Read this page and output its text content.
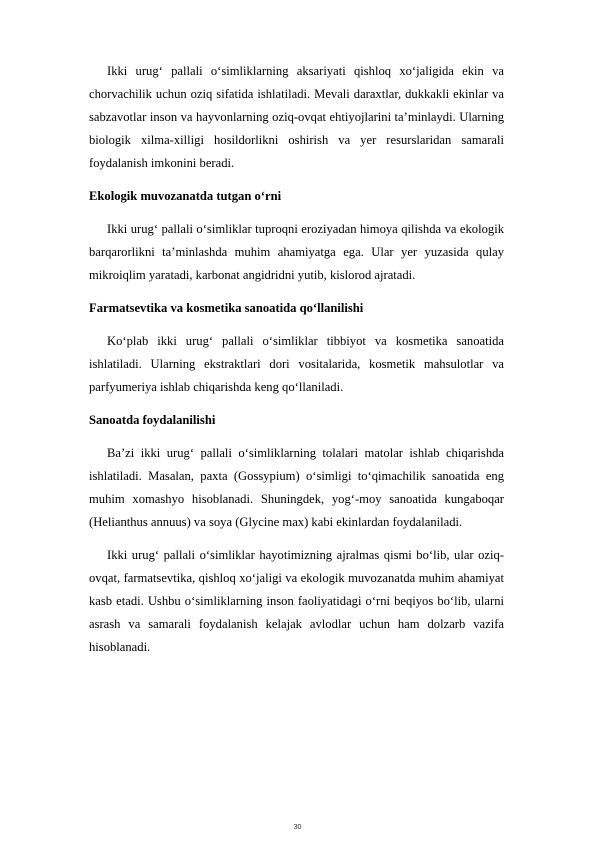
Ikki urug‘ pallali o‘simliklarning aksariyati qishloq xo‘jaligida ekin va chorvachilik uchun oziq sifatida ishlatiladi. Mevali daraxtlar, dukkakli ekinlar va sabzavotlar inson va hayvonlarning oziq-ovqat ehtiyojlarini ta’minlaydi. Ularning biologik xilma-xilligi hosildorlikni oshirish va yer resurslaridan samarali foydalanish imkonini beradi.

Ekologik muvozanatda tutgan o‘rni

Ikki urug‘ pallali o‘simliklar tuproqni eroziyadan himoya qilishda va ekologik barqarorlikni ta’minlashda muhim ahamiyatga ega. Ular yer yuzasida qulay mikroiqlim yaratadi, karbonat angidridni yutib, kislorod ajratadi.

Farmatsevtika va kosmetika sanoatida qo‘llanilishi

Ko‘plab ikki urug‘ pallali o‘simliklar tibbiyot va kosmetika sanoatida ishlatiladi. Ularning ekstraktlari dori vositalarida, kosmetik mahsulotlar va parfyumeriya ishlab chiqarishda keng qo‘llaniladi.

Sanoatda foydalanilishi

Ba’zi ikki urug‘ pallali o‘simliklarning tolalari matolar ishlab chiqarishda ishlatiladi. Masalan, paxta (Gossypium) o‘simligi to‘qimachilik sanoatida eng muhim xomashyo hisoblanadi. Shuningdek, yog‘-moy sanoatida kungaboqar (Helianthus annuus) va soya (Glycine max) kabi ekinlardan foydalaniladi.

Ikki urug‘ pallali o‘simliklar hayotimizning ajralmas qismi bo‘lib, ular oziq-ovqat, farmatsevtika, qishloq xo‘jaligi va ekologik muvozanatda muhim ahamiyat kasb etadi. Ushbu o‘simliklarning inson faoliyatidagi o‘rni beqiyos bo‘lib, ularni asrash va samarali foydalanish kelajak avlodlar uchun ham dolzarb vazifa hisoblanadi.

30
